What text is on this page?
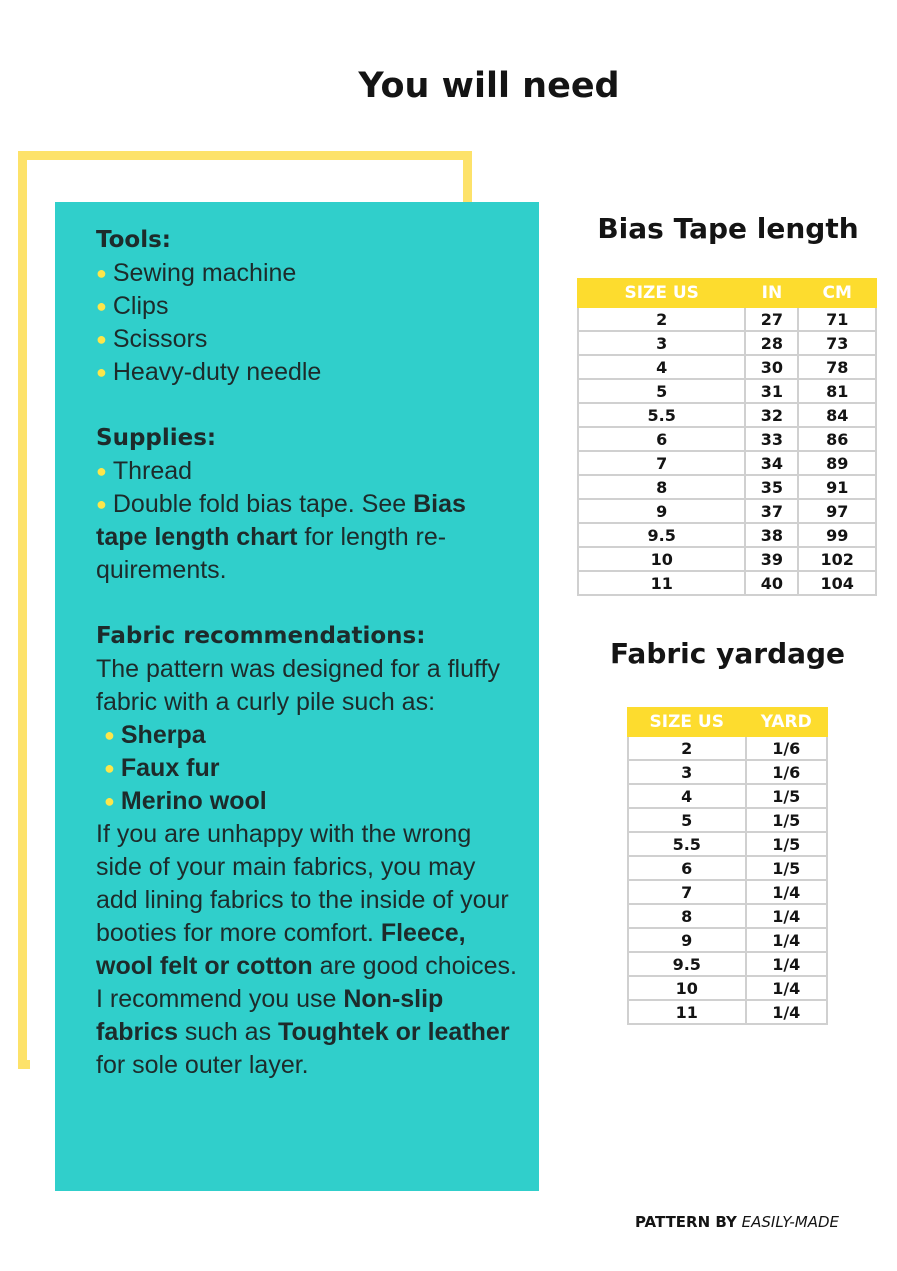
You will need

Tools:

● Sewing machine

● Clips

● Scissors

● Heavy-duty needle

Supplies:

● Thread

● Double fold bias tape. See Bias tape length chart for length re-quirements.

Fabric recommendations:

The pattern was designed for a fluffy fabric with a curly pile such as:

● Sherpa

● Faux fur

● Merino wool

If you are unhappy with the wrong side of your main fabrics, you may add lining fabrics to the inside of your booties for more comfort. Fleece, wool felt or cotton are good choices.

I recommend you use Non-slip fabrics such as Toughtek or leather for sole outer layer.

Bias Tape length

SIZE US	IN	CM
2	27	71
3	28	73
4	30	78
5	31	81
5.5	32	84
6	33	86
7	34	89
8	35	91
9	37	97
9.5	38	99
10	39	102
11	40	104

Fabric yardage

SIZE US	YARD
2	1/6
3	1/6
4	1/5
5	1/5
5.5	1/5
6	1/5
7	1/4
8	1/4
9	1/4
9.5	1/4
10	1/4
11	1/4
PATTERN BY EASILY-MADE
